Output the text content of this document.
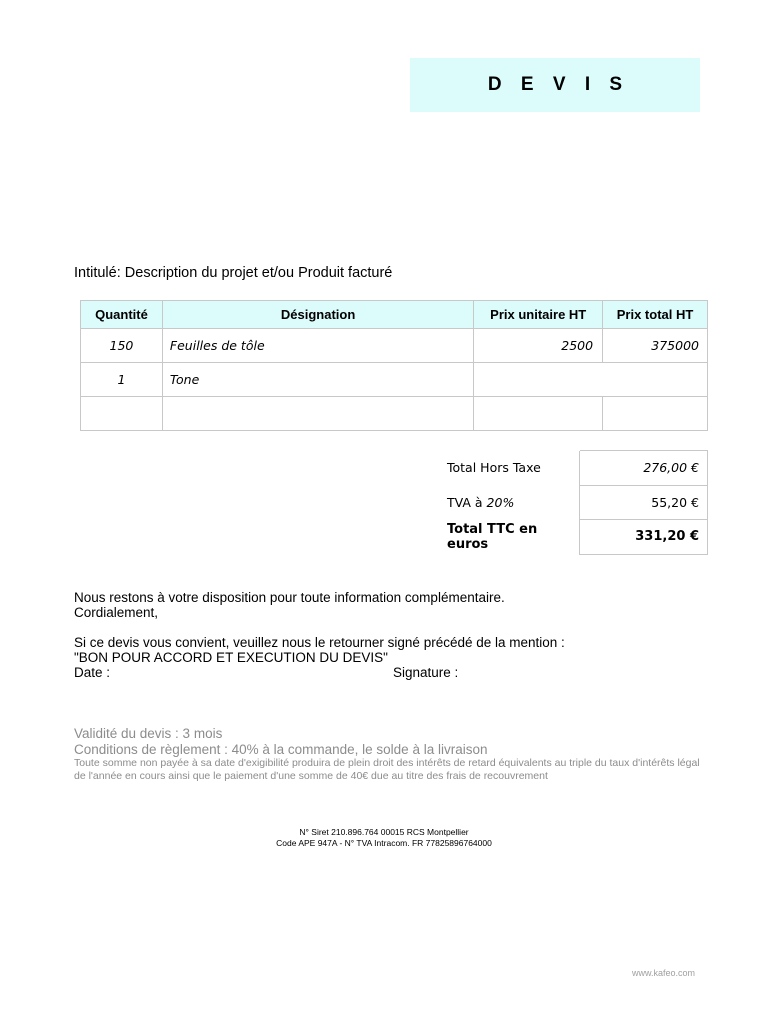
D E V I S
Intitulé: Description du projet et/ou Produit facturé
Quantité	Désignation	Prix unitaire HT	Prix total HT
150	Feuilles de tôle	2500	375000
1	Tone		

Total Hors Taxe	276,00 €
TVA à 20%	55,20 €
Total TTC en euros	331,20 €
Nous restons à votre disposition pour toute information complémentaire.
Cordialement,
Si ce devis vous convient, veuillez nous le retourner signé précédé de la mention :
"BON POUR ACCORD ET EXECUTION DU DEVIS"
Date :	Signature :
Validité du devis : 3 mois
Conditions de règlement : 40% à la commande, le solde à la livraison
Toute somme non payée à sa date d'exigibilité produira de plein droit des intérêts de retard équivalents au triple du taux d'intérêts légal de l'année en cours ainsi que le paiement d'une somme de 40€ due au titre des frais de recouvrement
N° Siret 210.896.764 00015 RCS Montpellier
Code APE 947A - N° TVA Intracom. FR 77825896764000
www.kafeo.com
